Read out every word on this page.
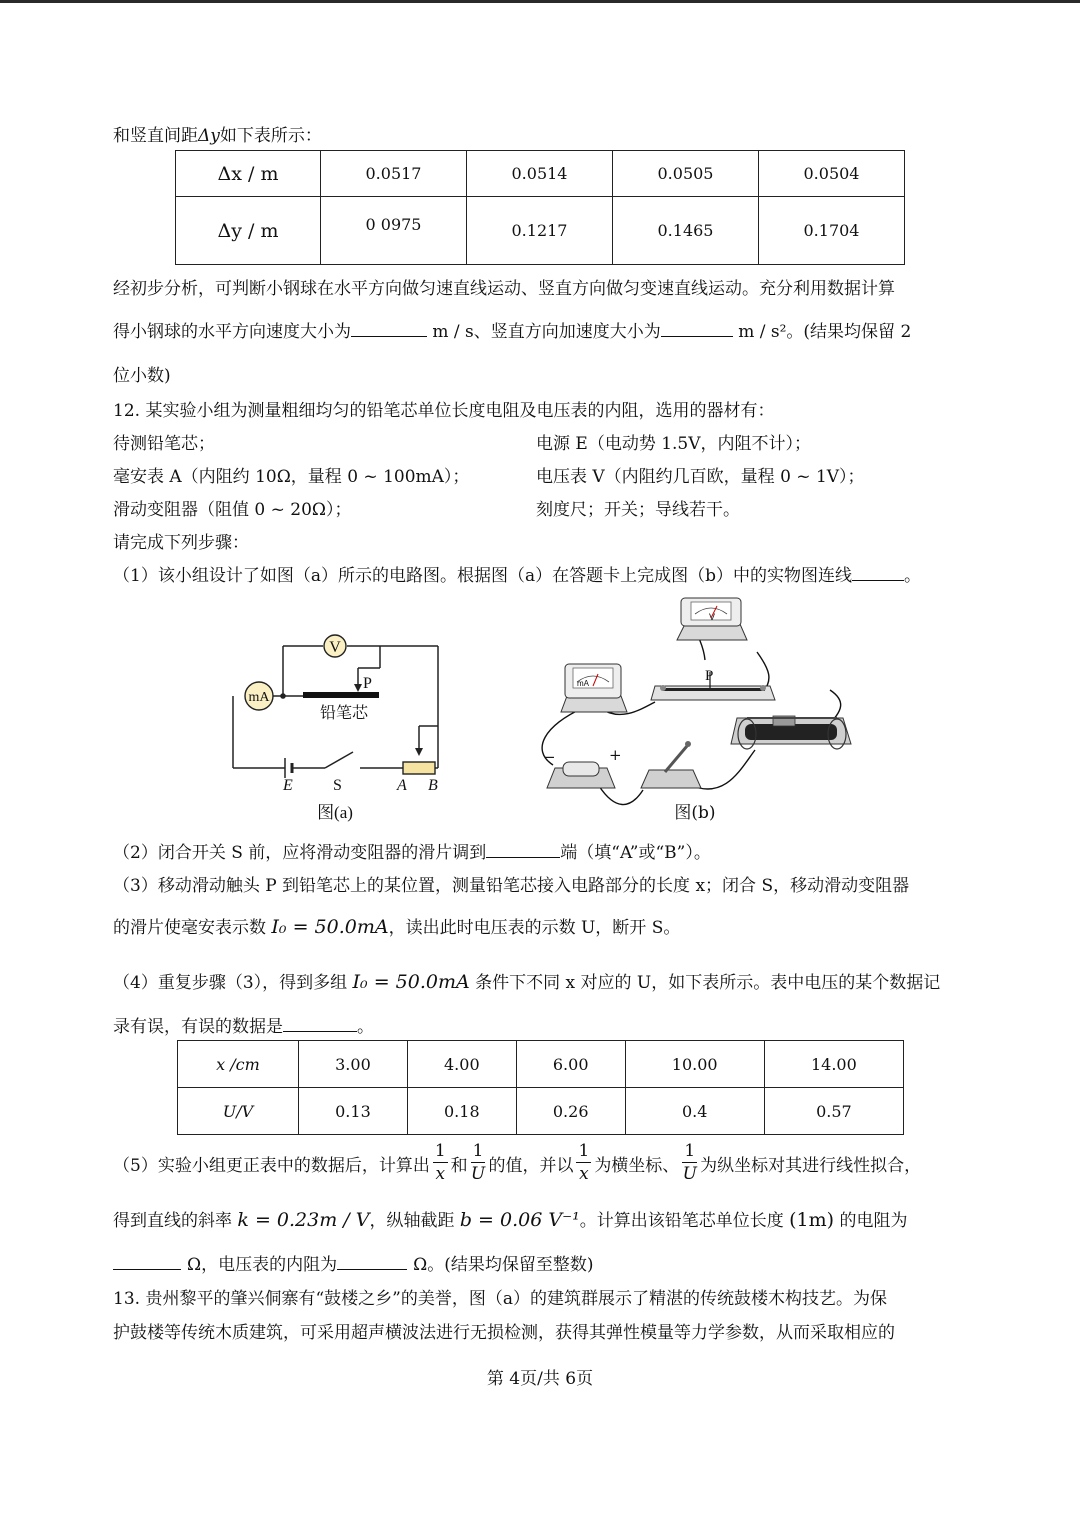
和竖直间距Δy如下表所示：
Δx / m	0.0517	0.0514	0.0505	0.0504
Δy / m	0 0975	0.1217	0.1465	0.1704
经初步分析，可判断小钢球在水平方向做匀速直线运动、竖直方向做匀变速直线运动。充分利用数据计算
得小钢球的水平方向速度大小为	m / s、竖直方向加速度大小为	m / s²。(结果均保留 2
位小数)
12. 某实验小组为测量粗细均匀的铅笔芯单位长度电阻及电压表的内阻，选用的器材有：
待测铅笔芯；	电源 E（电动势 1.5V，内阻不计）；
毫安表 A（内阻约 10Ω，量程 0 ~ 100mA）；	电压表 V（内阻约几百欧，量程 0 ~ 1V）；
滑动变阻器（阻值 0 ~ 20Ω）；	刻度尺；开关；导线若干。
请完成下列步骤：
（1）该小组设计了如图（a）所示的电路图。根据图（a）在答题卡上完成图（b）中的实物图连线	。
V
mA
P
铅笔芯
E	S	A B
图(a)
V
P
mA
−	+
图(b)
（2）闭合开关 S 前，应将滑动变阻器的滑片调到	端（填“A”或“B”）。
（3）移动滑动触头 P 到铅笔芯上的某位置，测量铅笔芯接入电路部分的长度 x；闭合 S，移动滑动变阻器
的滑片使毫安表示数 I₀ = 50.0mA，读出此时电压表的示数 U，断开 S。
（4）重复步骤（3），得到多组 I₀ = 50.0mA 条件下不同 x 对应的 U，如下表所示。表中电压的某个数据记
录有误，有误的数据是	。
x /cm	3.00	4.00	6.00	10.00	14.00
U/V	0.13	0.18	0.26	0.4	0.57
（5）实验小组更正表中的数据后，计算出 $\frac{1}{x}$ 和 $\frac{1}{U}$ 的值，并以 $\frac{1}{x}$ 为横坐标、 $\frac{1}{U}$ 为纵坐标对其进行线性拟合，
得到直线的斜率 k = 0.23m / V，纵轴截距 b = 0.06 V⁻¹。计算出该铅笔芯单位长度 (1m) 的电阻为
Ω，电压表的内阻为	Ω。(结果均保留至整数)
13. 贵州黎平的肇兴侗寨有“鼓楼之乡”的美誉，图（a）的建筑群展示了精湛的传统鼓楼木构技艺。为保
护鼓楼等传统木质建筑，可采用超声横波法进行无损检测，获得其弹性模量等力学参数，从而采取相应的
第 4页/共 6页
